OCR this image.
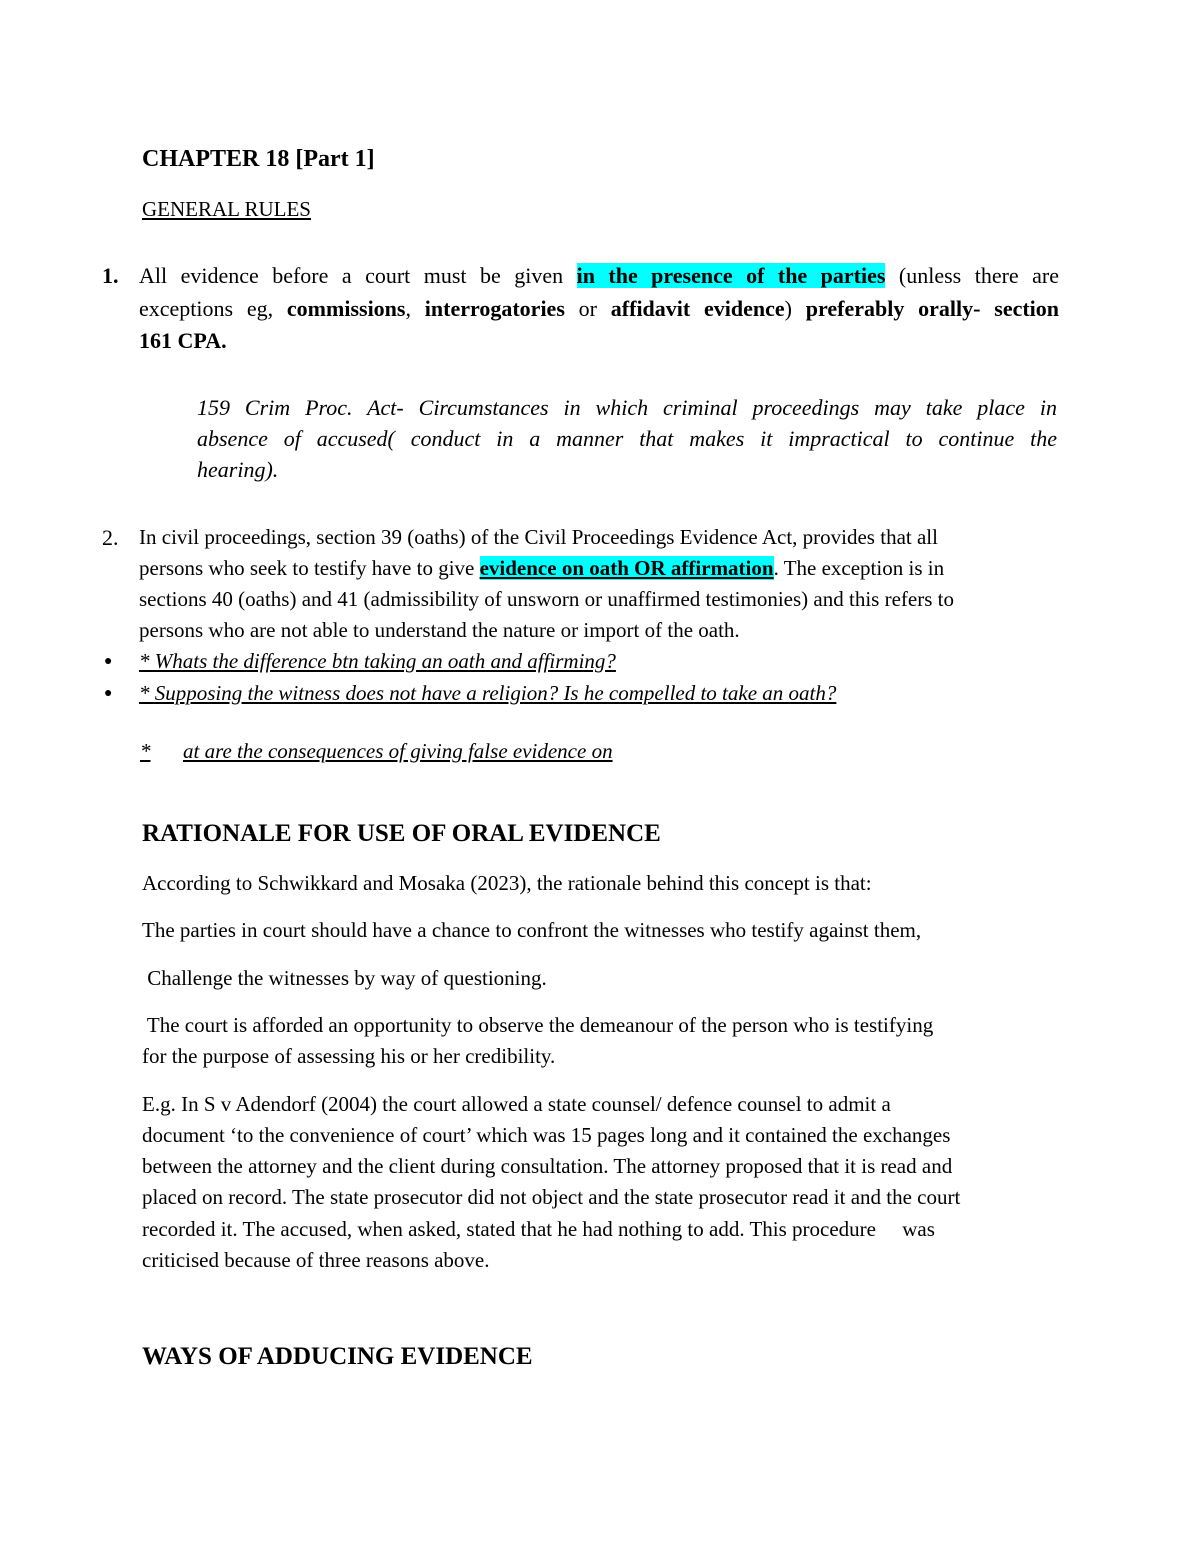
CHAPTER 18 [Part 1]
GENERAL RULES
1. All evidence before a court must be given in the presence of the parties (unless there are
exceptions eg, commissions, interrogatories or affidavit evidence) preferably orally- section
161 CPA.
159 Crim Proc. Act- Circumstances in which criminal proceedings may take place in
absence of accused( conduct in a manner that makes it impractical to continue the
hearing).
2. In civil proceedings, section 39 (oaths) of the Civil Proceedings Evidence Act, provides that all
persons who seek to testify have to give evidence on oath OR affirmation. The exception is in
sections 40 (oaths) and 41 (admissibility of unsworn or unaffirmed testimonies) and this refers to
persons who are not able to understand the nature or import of the oath.
● * Whats the difference btn taking an oath and affirming?
● * Supposing the witness does not have a religion? Is he compelled to take an oath?
* at are the consequences of giving false evidence on
RATIONALE FOR USE OF ORAL EVIDENCE
According to Schwikkard and Mosaka (2023), the rationale behind this concept is that:
The parties in court should have a chance to confront the witnesses who testify against them,
Challenge the witnesses by way of questioning.
The court is afforded an opportunity to observe the demeanour of the person who is testifying
for the purpose of assessing his or her credibility.
E.g. In S v Adendorf (2004) the court allowed a state counsel/ defence counsel to admit a
document ‘to the convenience of court’ which was 15 pages long and it contained the exchanges
between the attorney and the client during consultation. The attorney proposed that it is read and
placed on record. The state prosecutor did not object and the state prosecutor read it and the court
recorded it. The accused, when asked, stated that he had nothing to add. This procedure     was
criticised because of three reasons above.
WAYS OF ADDUCING EVIDENCE
